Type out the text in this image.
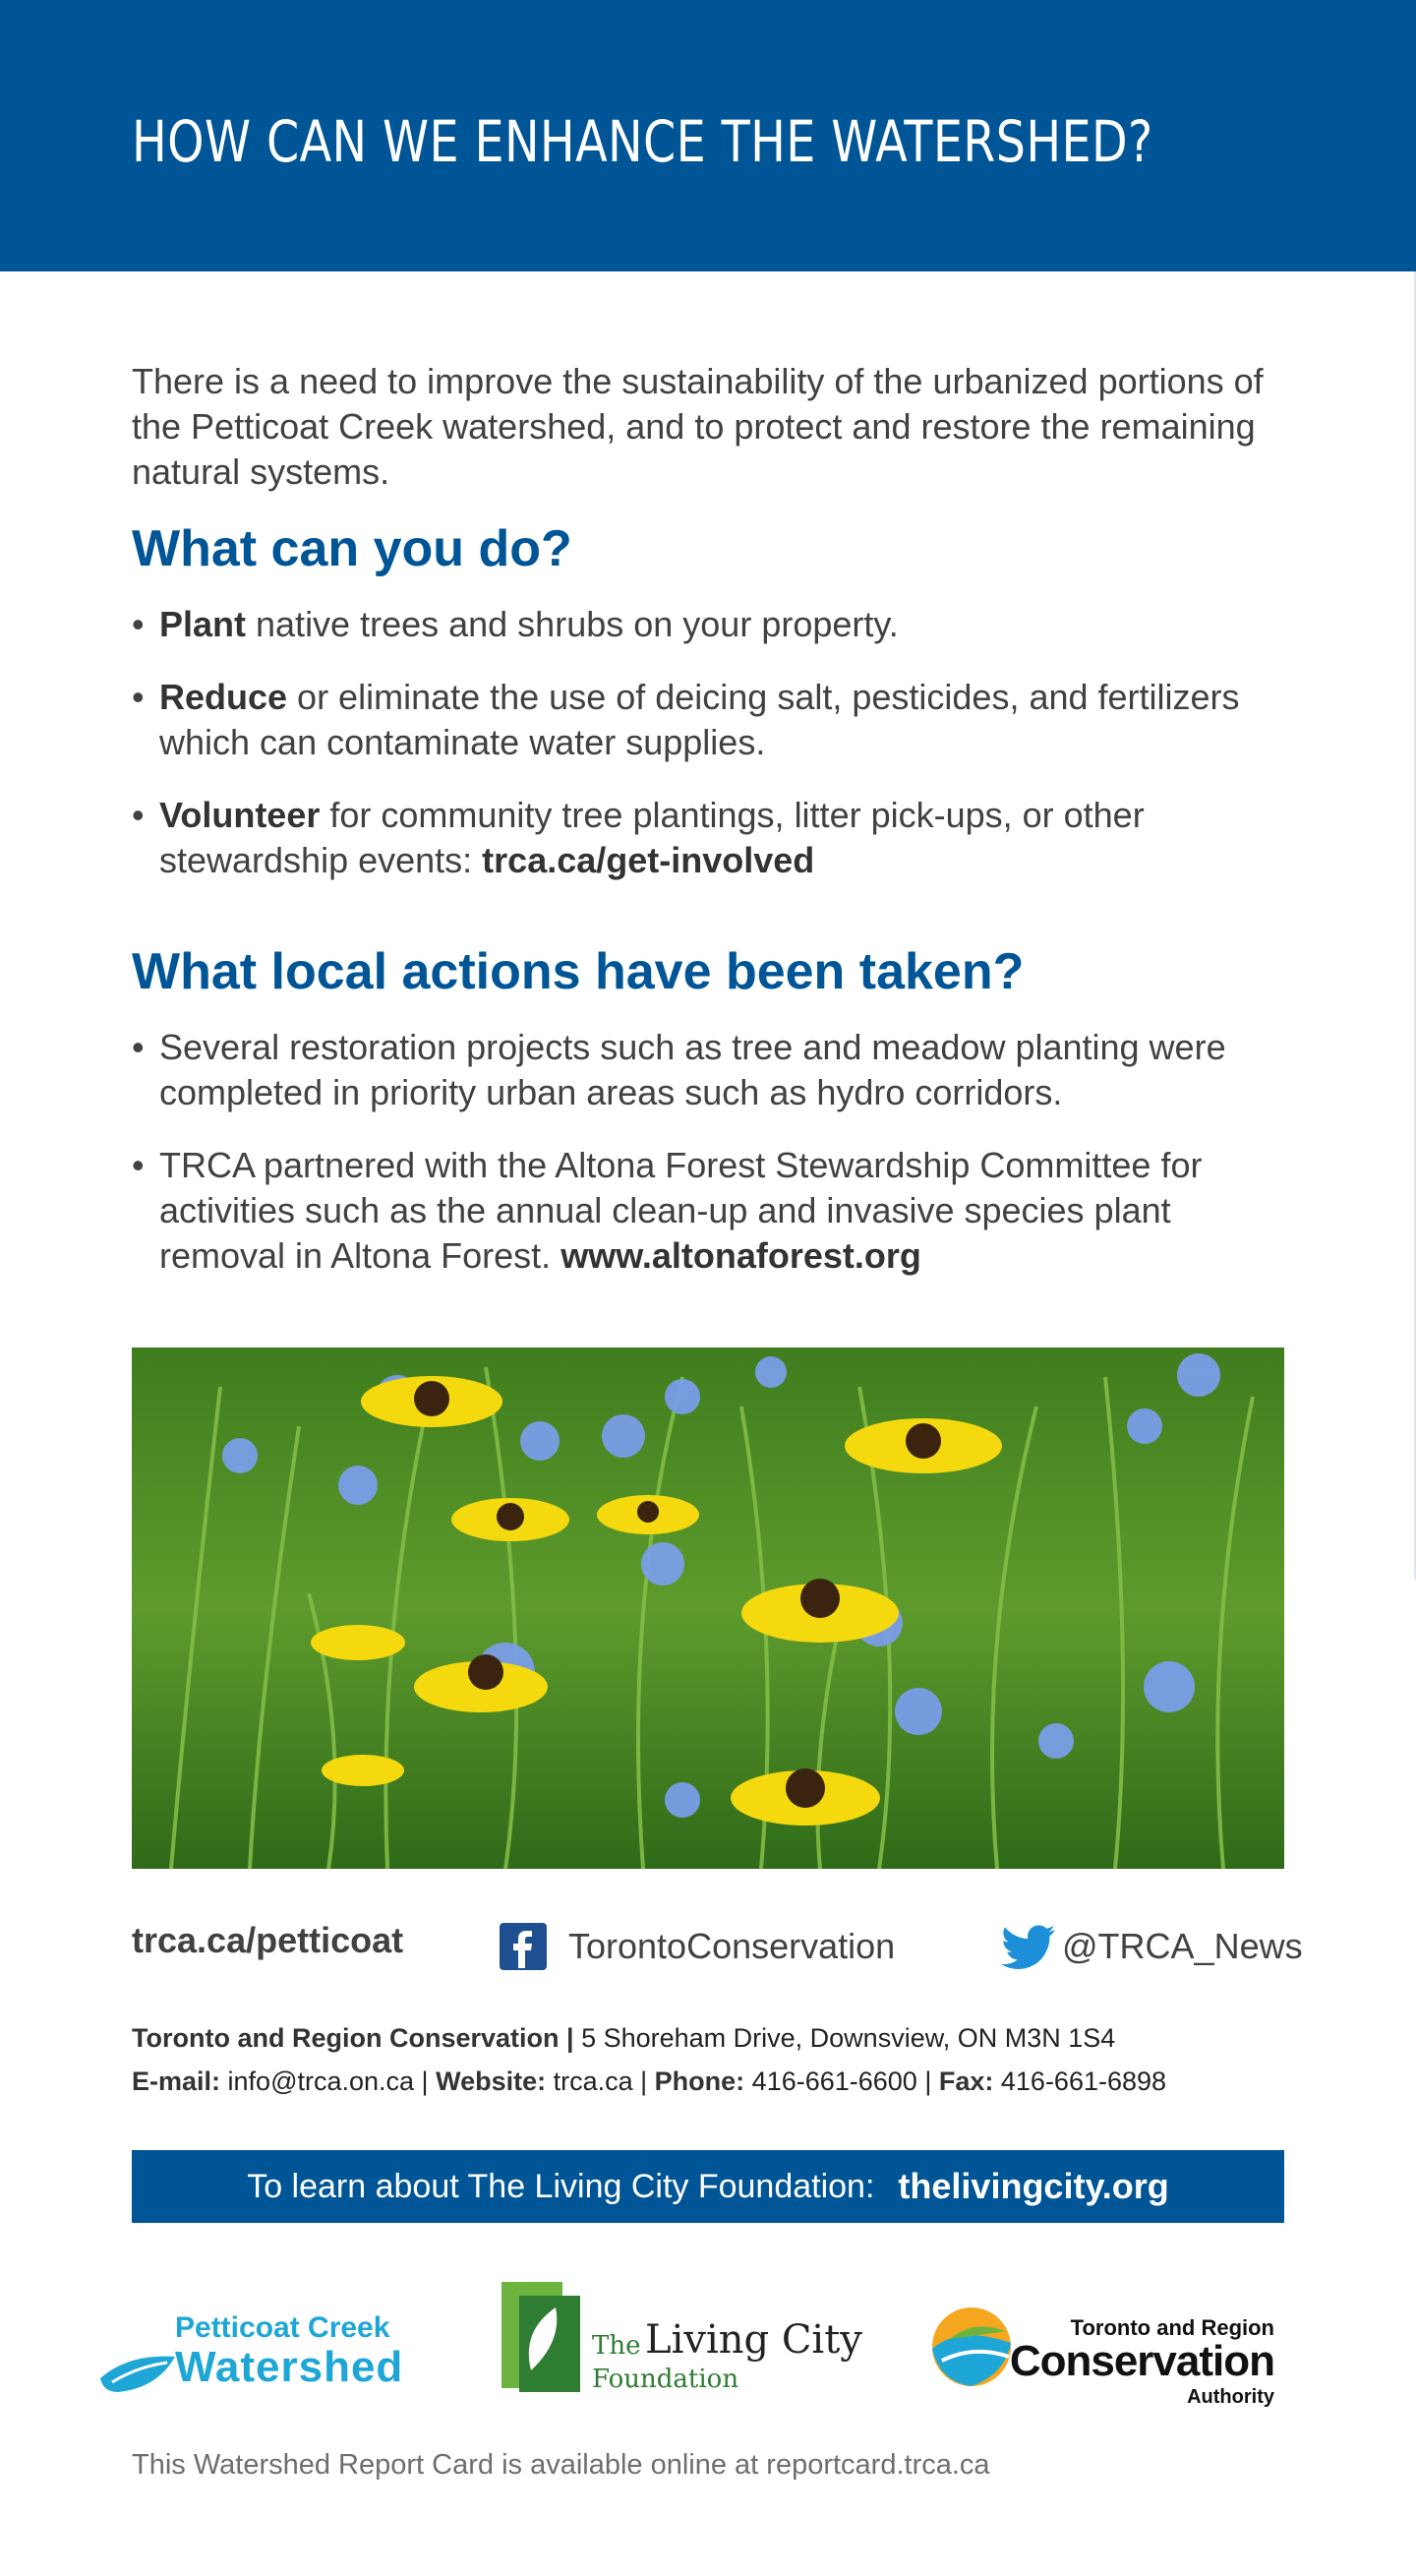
HOW CAN WE ENHANCE THE WATERSHED?

There is a need to improve the sustainability of the urbanized portions of the Petticoat Creek watershed, and to protect and restore the remaining natural systems.

What can you do?
• Plant native trees and shrubs on your property.
• Reduce or eliminate the use of deicing salt, pesticides, and fertilizers which can contaminate water supplies.
• Volunteer for community tree plantings, litter pick-ups, or other stewardship events: trca.ca/get-involved
What local actions have been taken?
• Several restoration projects such as tree and meadow planting were completed in priority urban areas such as hydro corridors.
• TRCA partnered with the Altona Forest Stewardship Committee for activities such as the annual clean-up and invasive species plant removal in Altona Forest. www.altonaforest.org
trca.ca/petticoat	TorontoConservation	@TRCA_News
Toronto and Region Conservation | 5 Shoreham Drive, Downsview, ON M3N 1S4
E-mail: info@trca.on.ca | Website: trca.ca | Phone: 416-661-6600 | Fax: 416-661-6898
To learn about The Living City Foundation: thelivingcity.org
Petticoat Creek
Watershed	The Living City
Foundation
Toronto and Region
Conservation
Authority
This Watershed Report Card is available online at reportcard.trca.ca
